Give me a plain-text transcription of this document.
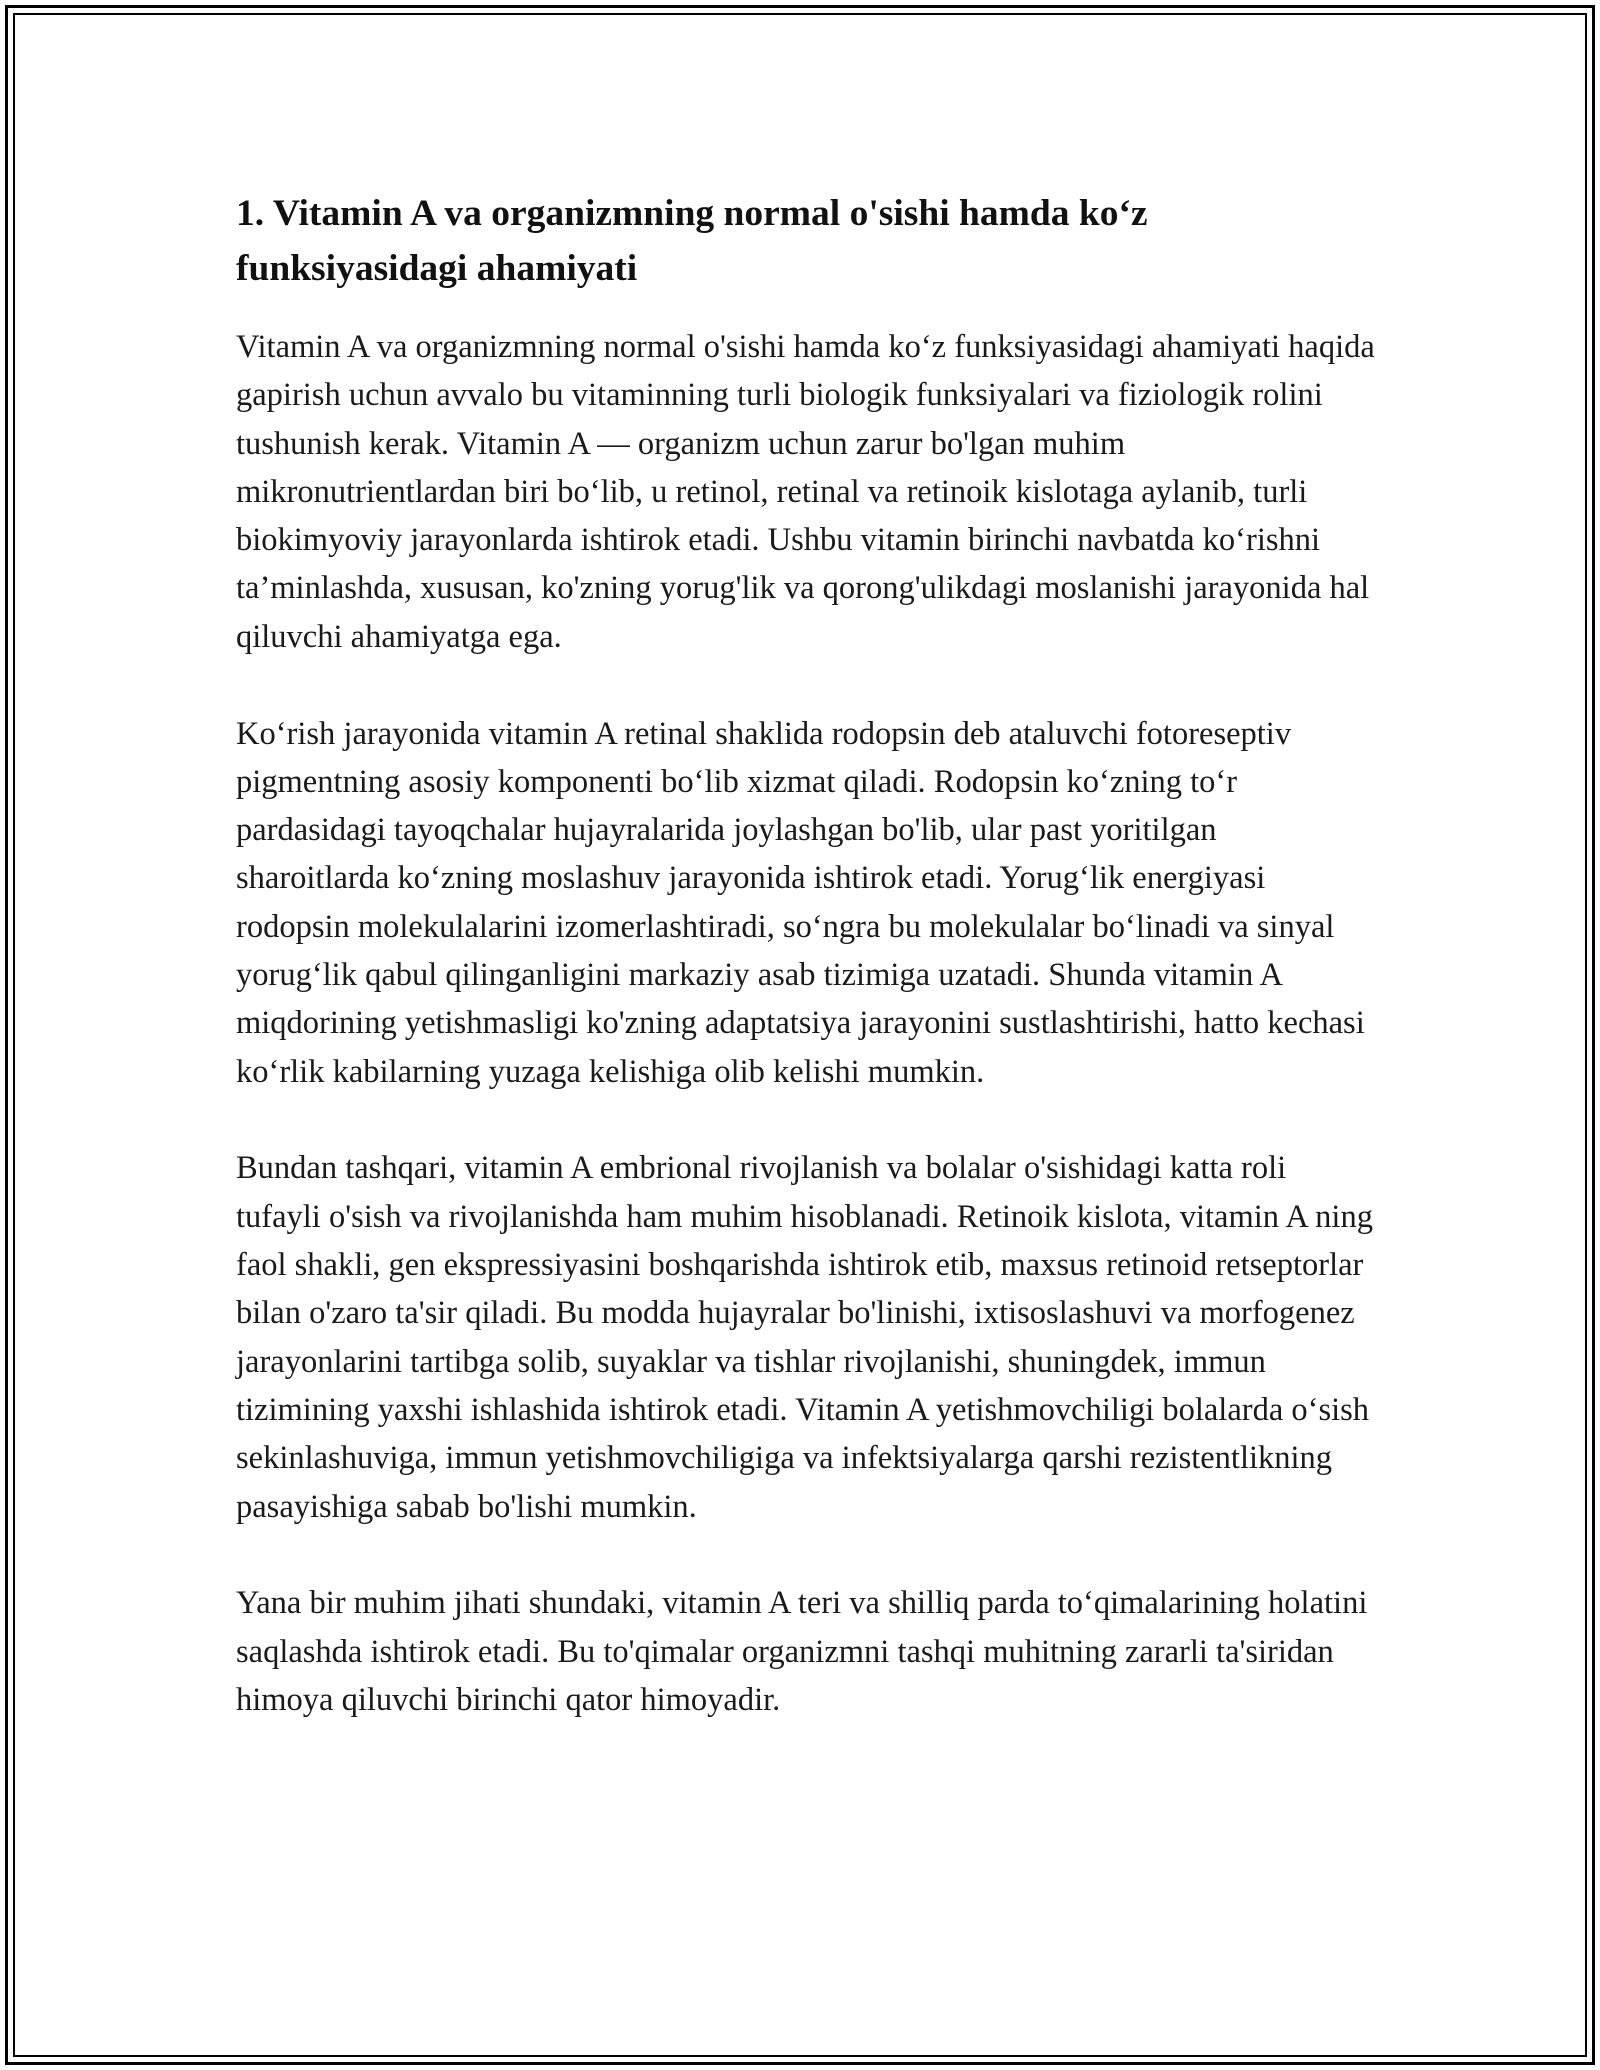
1. Vitamin A va organizmning normal o'sishi hamda ko‘z funksiyasidagi ahamiyati

Vitamin A va organizmning normal o'sishi hamda ko‘z funksiyasidagi ahamiyati haqida gapirish uchun avvalo bu vitaminning turli biologik funksiyalari va fiziologik rolini tushunish kerak. Vitamin A — organizm uchun zarur bo'lgan muhim mikronutrientlardan biri bo‘lib, u retinol, retinal va retinoik kislotaga aylanib, turli biokimyoviy jarayonlarda ishtirok etadi. Ushbu vitamin birinchi navbatda ko‘rishni ta’minlashda, xususan, ko'zning yorug'lik va qorong'ulikdagi moslanishi jarayonida hal qiluvchi ahamiyatga ega.

Ko‘rish jarayonida vitamin A retinal shaklida rodopsin deb ataluvchi fotoreseptiv pigmentning asosiy komponenti bo‘lib xizmat qiladi. Rodopsin ko‘zning to‘r pardasidagi tayoqchalar hujayralarida joylashgan bo'lib, ular past yoritilgan sharoitlarda ko‘zning moslashuv jarayonida ishtirok etadi. Yorug‘lik energiyasi rodopsin molekulalarini izomerlashtiradi, so‘ngra bu molekulalar bo‘linadi va sinyal yorug‘lik qabul qilinganligini markaziy asab tizimiga uzatadi. Shunda vitamin A miqdorining yetishmasligi ko'zning adaptatsiya jarayonini sustlashtirishi, hatto kechasi ko‘rlik kabilarning yuzaga kelishiga olib kelishi mumkin.

Bundan tashqari, vitamin A embrional rivojlanish va bolalar o'sishidagi katta roli tufayli o'sish va rivojlanishda ham muhim hisoblanadi. Retinoik kislota, vitamin A ning faol shakli, gen ekspressiyasini boshqarishda ishtirok etib, maxsus retinoid retseptorlar bilan o'zaro ta'sir qiladi. Bu modda hujayralar bo'linishi, ixtisoslashuvi va morfogenez jarayonlarini tartibga solib, suyaklar va tishlar rivojlanishi, shuningdek, immun tizimining yaxshi ishlashida ishtirok etadi. Vitamin A yetishmovchiligi bolalarda o‘sish sekinlashuviga, immun yetishmovchiligiga va infektsiyalarga qarshi rezistentlikning pasayishiga sabab bo'lishi mumkin.

Yana bir muhim jihati shundaki, vitamin A teri va shilliq parda to‘qimalarining holatini saqlashda ishtirok etadi. Bu to'qimalar organizmni tashqi muhitning zararli ta'siridan himoya qiluvchi birinchi qator himoyadir.
